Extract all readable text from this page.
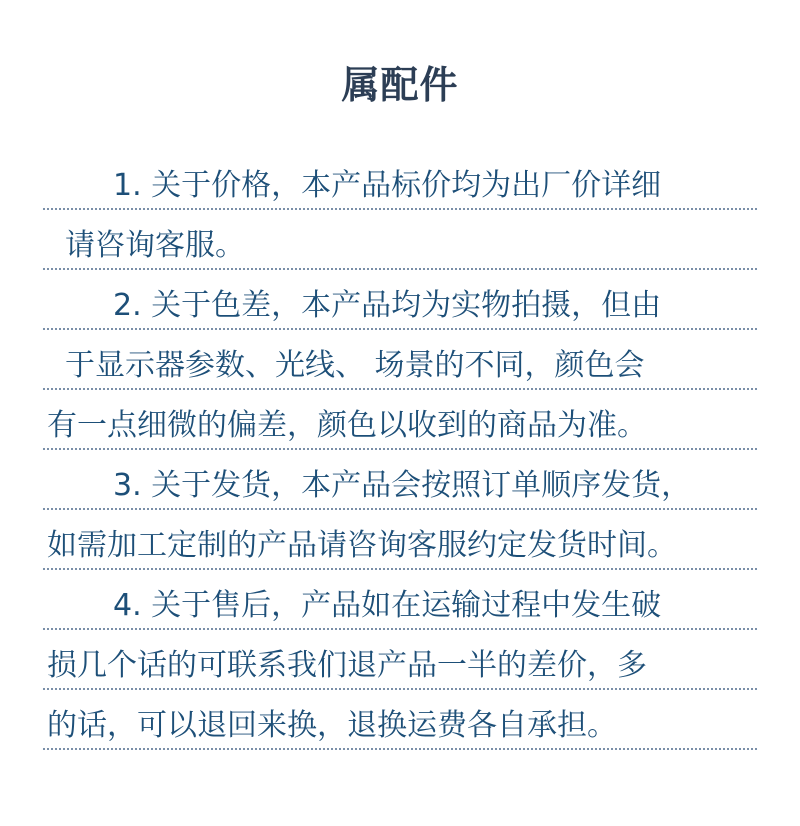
属配件
1. 关于价格，本产品标价均为出厂价详细
请咨询客服。
2. 关于色差，本产品均为实物拍摄，但由
于显示器参数、光线、 场景的不同，颜色会
有一点细微的偏差，颜色以收到的商品为准。
3. 关于发货，本产品会按照订单顺序发货，
如需加工定制的产品请咨询客服约定发货时间。
4. 关于售后，产品如在运输过程中发生破
损几个话的可联系我们退产品一半的差价，多
的话，可以退回来换，退换运费各自承担。
